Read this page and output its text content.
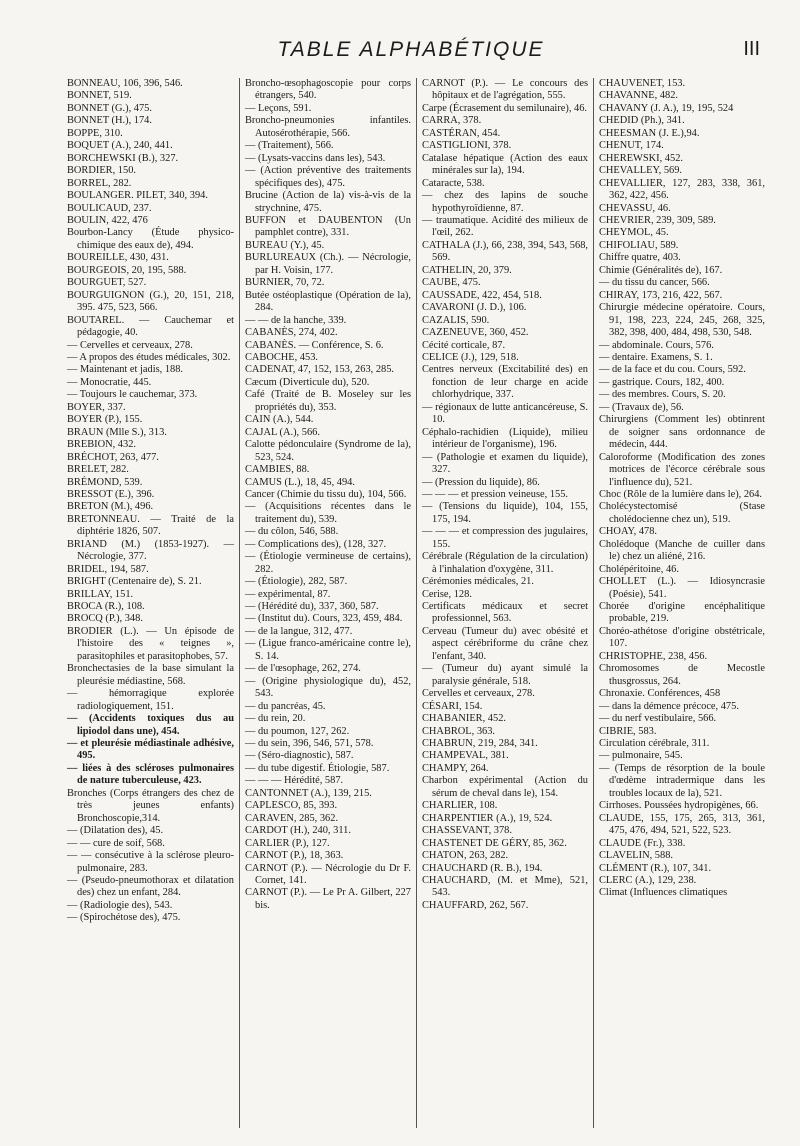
TABLE ALPHABÉTIQUE	III
BONNEAU, 106, 396, 546.
BONNET, 519.
BONNET (G.), 475.
BONNET (H.), 174.
BOPPE, 310.
BOQUET (A.), 240, 441.
BORCHEWSKI (B.), 327.
BORDIER, 150.
BORREL, 282.
BOULANGER. PILET, 340, 394.
BOULICAUD, 237.
BOULIN, 422, 476
Bourbon-Lancy (Étude physico-chimique des eaux de), 494.
BOUREILLE, 430, 431.
BOURGEOIS, 20, 195, 588.
BOURGUET, 527.
BOURGUIGNON (G.), 20, 151, 218, 395. 475, 523, 566.
BOUTAREL. — Cauchemar et pédagogie, 40.
— Cervelles et cerveaux, 278.
— A propos des études médicales, 302.
— Maintenant et jadis, 188.
— Monocratie, 445.
— Toujours le cauchemar, 373.
BOYER, 337.
BOYER (P.), 155.
BRAUN (Mlle S.), 313.
BREBION, 432.
BRÉCHOT, 263, 477.
BRELET, 282.
BRÉMOND, 539.
BRESSOT (E.), 396.
BRETON (M.), 496.
BRETONNEAU. — Traité de la diphtérie 1826, 507.
BRIAND (M.) (1853-1927). — Nécrologie, 377.
BRIDEL, 194, 587.
BRIGHT (Centenaire de), S. 21.
BRILLAY, 151.
BROCA (R.), 108.
BROCQ (P.), 348.
BRODIER (L.). — Un épisode de l'histoire des « teignes », parasitophiles et parasitophobes, 57.
Bronchectasies de la base simulant la pleurésie médiastine, 568.
— hémorragique explorée radiologiquement, 151.
— (Accidents toxiques dus au lipiodol dans une), 454.
— et pleurésie médiastinale adhésive, 495.
— liées à des scléroses pulmonaires de nature tuberculeuse, 423.
Bronches (Corps étrangers des chez de très jeunes enfants) Bronchoscopie,314.
— (Dilatation des), 45.
— — cure de soif, 568.
— — consécutive à la sclérose pleuro-pulmonaire, 283.
— (Pseudo-pneumothorax et dilatation des) chez un enfant, 284.
— (Radiologie des), 543.
— (Spirochétose des), 475.
Broncho-œsophagoscopie pour corps étrangers, 540.
— Leçons, 591.
Broncho-pneumonies infantiles. Autosérothérapie, 566.
— (Traitement), 566.
— (Lysats-vaccins dans les), 543.
— (Action préventive des traitements spécifiques des), 475.
Brucine (Action de la) vis-à-vis de la strychnine, 475.
BUFFON et DAUBENTON (Un pamphlet contre), 331.
BUREAU (Y.), 45.
BURLUREAUX (Ch.). — Nécrologie, par H. Voisin, 177.
BURNIER, 70, 72.
Butée ostéoplastique (Opération de la), 284.
— — de la hanche, 339.
CABANÈS, 274, 402.
CABANÈS. — Conférence, S. 6.
CABOCHE, 453.
CADENAT, 47, 152, 153, 263, 285.
Cæcum (Diverticule du), 520.
Café (Traité de B. Moseley sur les propriétés du), 353.
CAIN (A.), 544.
CAJAL (A.), 566.
Calotte pédonculaire (Syndrome de la), 523, 524.
CAMBIES, 88.
CAMUS (L.), 18, 45, 494.
Cancer (Chimie du tissu du), 104, 566.
— (Acquisitions récentes dans le traitement du), 539.
— du côlon, 546, 588.
— Complications des), (128, 327.
— (Étiologie vermineuse de certains), 282.
— (Étiologie), 282, 587.
— expérimental, 87.
— (Hérédité du), 337, 360, 587.
— (Institut du). Cours, 323, 459, 484.
— de la langue, 312, 477.
— (Ligue franco-américaine contre le), S. 14.
— de l'œsophage, 262, 274.
— (Origine physiologique du), 452, 543.
— du pancréas, 45.
— du rein, 20.
— du poumon, 127, 262.
— du sein, 396, 546, 571, 578.
— (Séro-diagnostic), 587.
— du tube digestif. Étiologie, 587.
— — — Hérédité, 587.
CANTONNET (A.), 139, 215.
CAPLESCO, 85, 393.
CARAVEN, 285, 362.
CARDOT (H.), 240, 311.
CARLIER (P.), 127.
CARNOT (P.), 18, 363.
CARNOT (P.). — Nécrologie du Dr F. Cornet, 141.
CARNOT (P.). — Le Pr A. Gilbert, 227 bis.
CARNOT (P.). — Le concours des hôpitaux et de l'agrégation, 555.
Carpe (Écrasement du semilunaire), 46.
CARRA, 378.
CASTÉRAN, 454.
CASTIGLIONI, 378.
Catalase hépatique (Action des eaux minérales sur la), 194.
Cataracte, 538.
— chez des lapins de souche hypothyroïdienne, 87.
— traumatique. Acidité des milieux de l'œil, 262.
CATHALA (J.), 66, 238, 394, 543, 568, 569.
CATHELIN, 20, 379.
CAUBE, 475.
CAUSSADE, 422, 454, 518.
CAVARONI (J. D.), 106.
CAZALIS, 590.
CAZENEUVE, 360, 452.
Cécité corticale, 87.
CELICE (J.), 129, 518.
Centres nerveux (Excitabilité des) en fonction de leur charge en acide chlorhydrique, 337.
— régionaux de lutte anticancéreuse, S. 10.
Céphalo-rachidien (Liquide), milieu intérieur de l'organisme), 196.
— (Pathologie et examen du liquide), 327.
— (Pression du liquide), 86.
— — — et pression veineuse, 155.
— (Tensions du liquide), 104, 155, 175, 194.
— — — et compression des jugulaires, 155.
Cérébrale (Régulation de la circulation) à l'inhalation d'oxygène, 311.
Cérémonies médicales, 21.
Cerise, 128.
Certificats médicaux et secret professionnel, 563.
Cerveau (Tumeur du) avec obésité et aspect cérébriforme du crâne chez l'enfant, 340.
— (Tumeur du) ayant simulé la paralysie générale, 518.
Cervelles et cerveaux, 278.
CÉSARI, 154.
CHABANIER, 452.
CHABROL, 363.
CHABRUN, 219, 284, 341.
CHAMPEVAL, 381.
CHAMPY, 264.
Charbon expérimental (Action du sérum de cheval dans le), 154.
CHARLIER, 108.
CHARPENTIER (A.), 19, 524.
CHASSEVANT, 378.
CHASTENET DE GÉRY, 85, 362.
CHATON, 263, 282.
CHAUCHARD (R. B.), 194.
CHAUCHARD, (M. et Mme), 521, 543.
CHAUFFARD, 262, 567.
CHAUVENET, 153.
CHAVANNE, 482.
CHAVANY (J. A.), 19, 195, 524
CHEDID (Ph.), 341.
CHEESMAN (J. E.),94.
CHENUT, 174.
CHEREWSKI, 452.
CHEVALLEY, 569.
CHEVALLIER, 127, 283, 338, 361, 362, 422, 456.
CHEVASSU, 46.
CHEVRIER, 239, 309, 589.
CHEYMOL, 45.
CHIFOLIAU, 589.
Chiffre quatre, 403.
Chimie (Généralités de), 167.
— du tissu du cancer, 566.
CHIRAY, 173, 216, 422, 567.
Chirurgie médecine opératoire. Cours, 91, 198, 223, 224, 245, 268, 325, 382, 398, 400, 484, 498, 530, 548.
— abdominale. Cours, 576.
— dentaire. Examens, S. 1.
— de la face et du cou. Cours, 592.
— gastrique. Cours, 182, 400.
— des membres. Cours, S. 20.
— (Travaux de), 56.
Chirurgiens (Comment les) obtinrent de soigner sans ordonnance de médecin, 444.
Caloroforme (Modification des zones motrices de l'écorce cérébrale sous l'influence du), 521.
Choc (Rôle de la lumière dans le), 264.
Cholécystectomisé (Stase cholédocienne chez un), 519.
CHOAY, 478.
Cholédoque (Manche de cuiller dans le) chez un aliéné, 216.
Cholépéritoine, 46.
CHOLLET (L.). — Idiosyncrasie (Poésie), 541.
Chorée d'origine encéphalitique probable, 219.
Choréo-athétose d'origine obstétricale, 107.
CHRISTOPHE, 238, 456.
Chromosomes de Mecostle thusgrossus, 264.
Chronaxie. Conférences, 458
— dans la démence précoce, 475.
— du nerf vestibulaire, 566.
CIBRIE, 583.
Circulation cérébrale, 311.
— pulmonaire, 545.
— (Temps de résorption de la boule d'œdème intradermique dans les troubles locaux de la), 521.
Cirrhoses. Poussées hydropigènes, 66.
CLAUDE, 155, 175, 265, 313, 361, 475, 476, 494, 521, 522, 523.
CLAUDE (Fr.), 338.
CLAVELIN, 588.
CLÉMENT (R.), 107, 341.
CLERC (A.), 129, 238.
Climat (Influences climatiques
